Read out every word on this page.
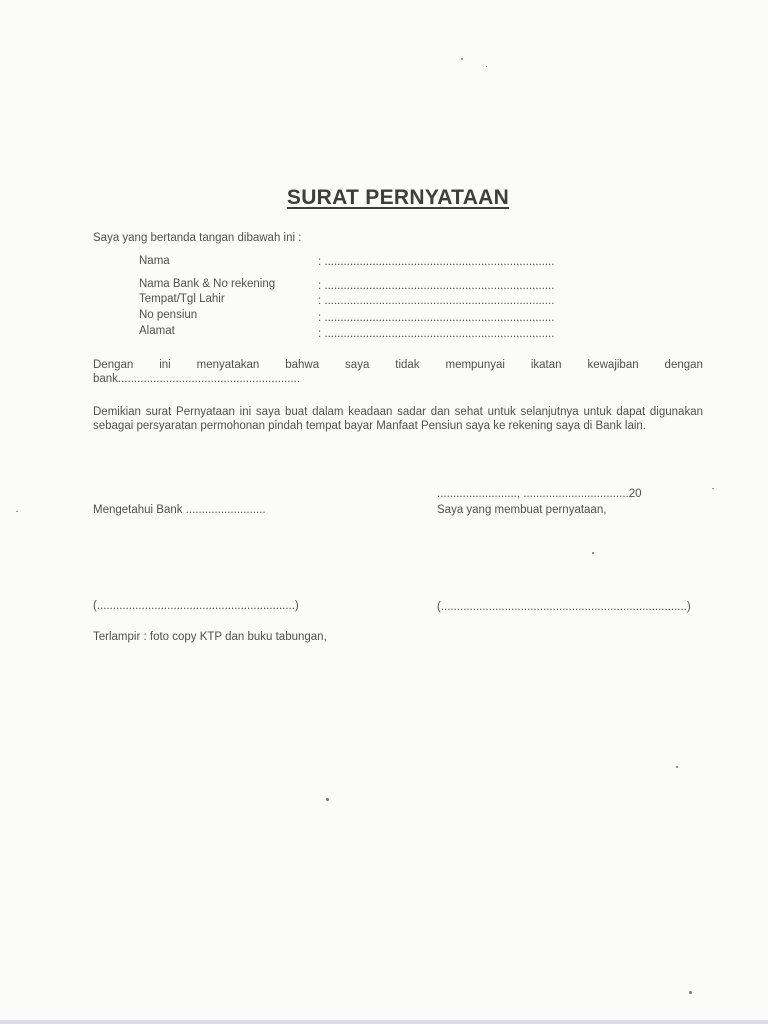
SURAT PERNYATAAN
Saya yang bertanda tangan dibawah ini :
Nama	: ........................................................................
Nama Bank & No rekening	: ........................................................................
Tempat/Tgl Lahir	: ........................................................................
No pensiun	: ........................................................................
Alamat	: ........................................................................
Dengan ini menyatakan bahwa saya tidak mempunyai ikatan kewajiban dengan
bank.........................................................
Demikian surat Pernyataan ini saya buat dalam keadaan sadar dan sehat untuk selanjutnya untuk dapat digunakan sebagai persyaratan permohonan pindah tempat bayar Manfaat Pensiun saya ke rekening saya di Bank lain.
........................., .................................20
Mengetahui Bank .........................	Saya yang membuat pernyataan,
(..............................................................)	(.............................................................................)
Terlampir : foto copy KTP dan buku tabungan,
